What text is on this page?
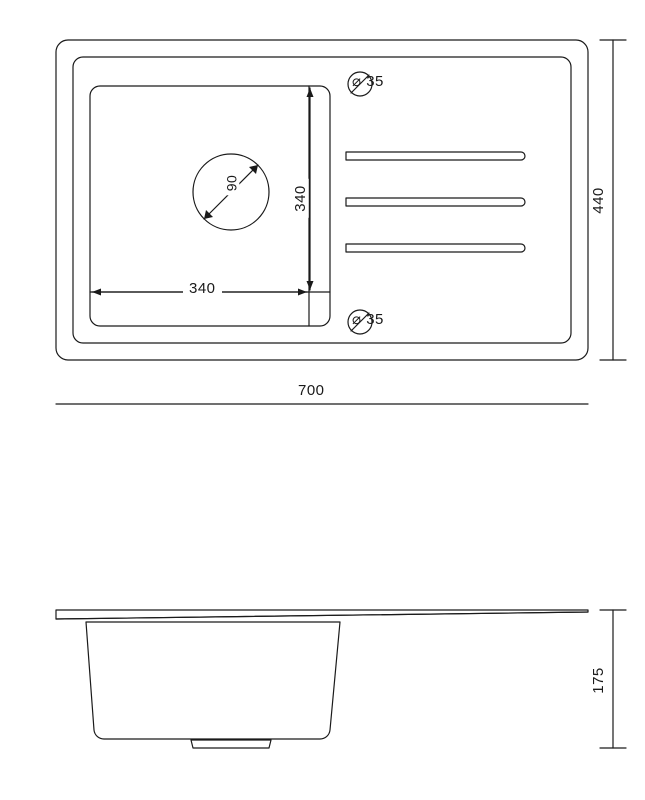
700
440
175
340
340
90
⌀ 35
⌀ 35
